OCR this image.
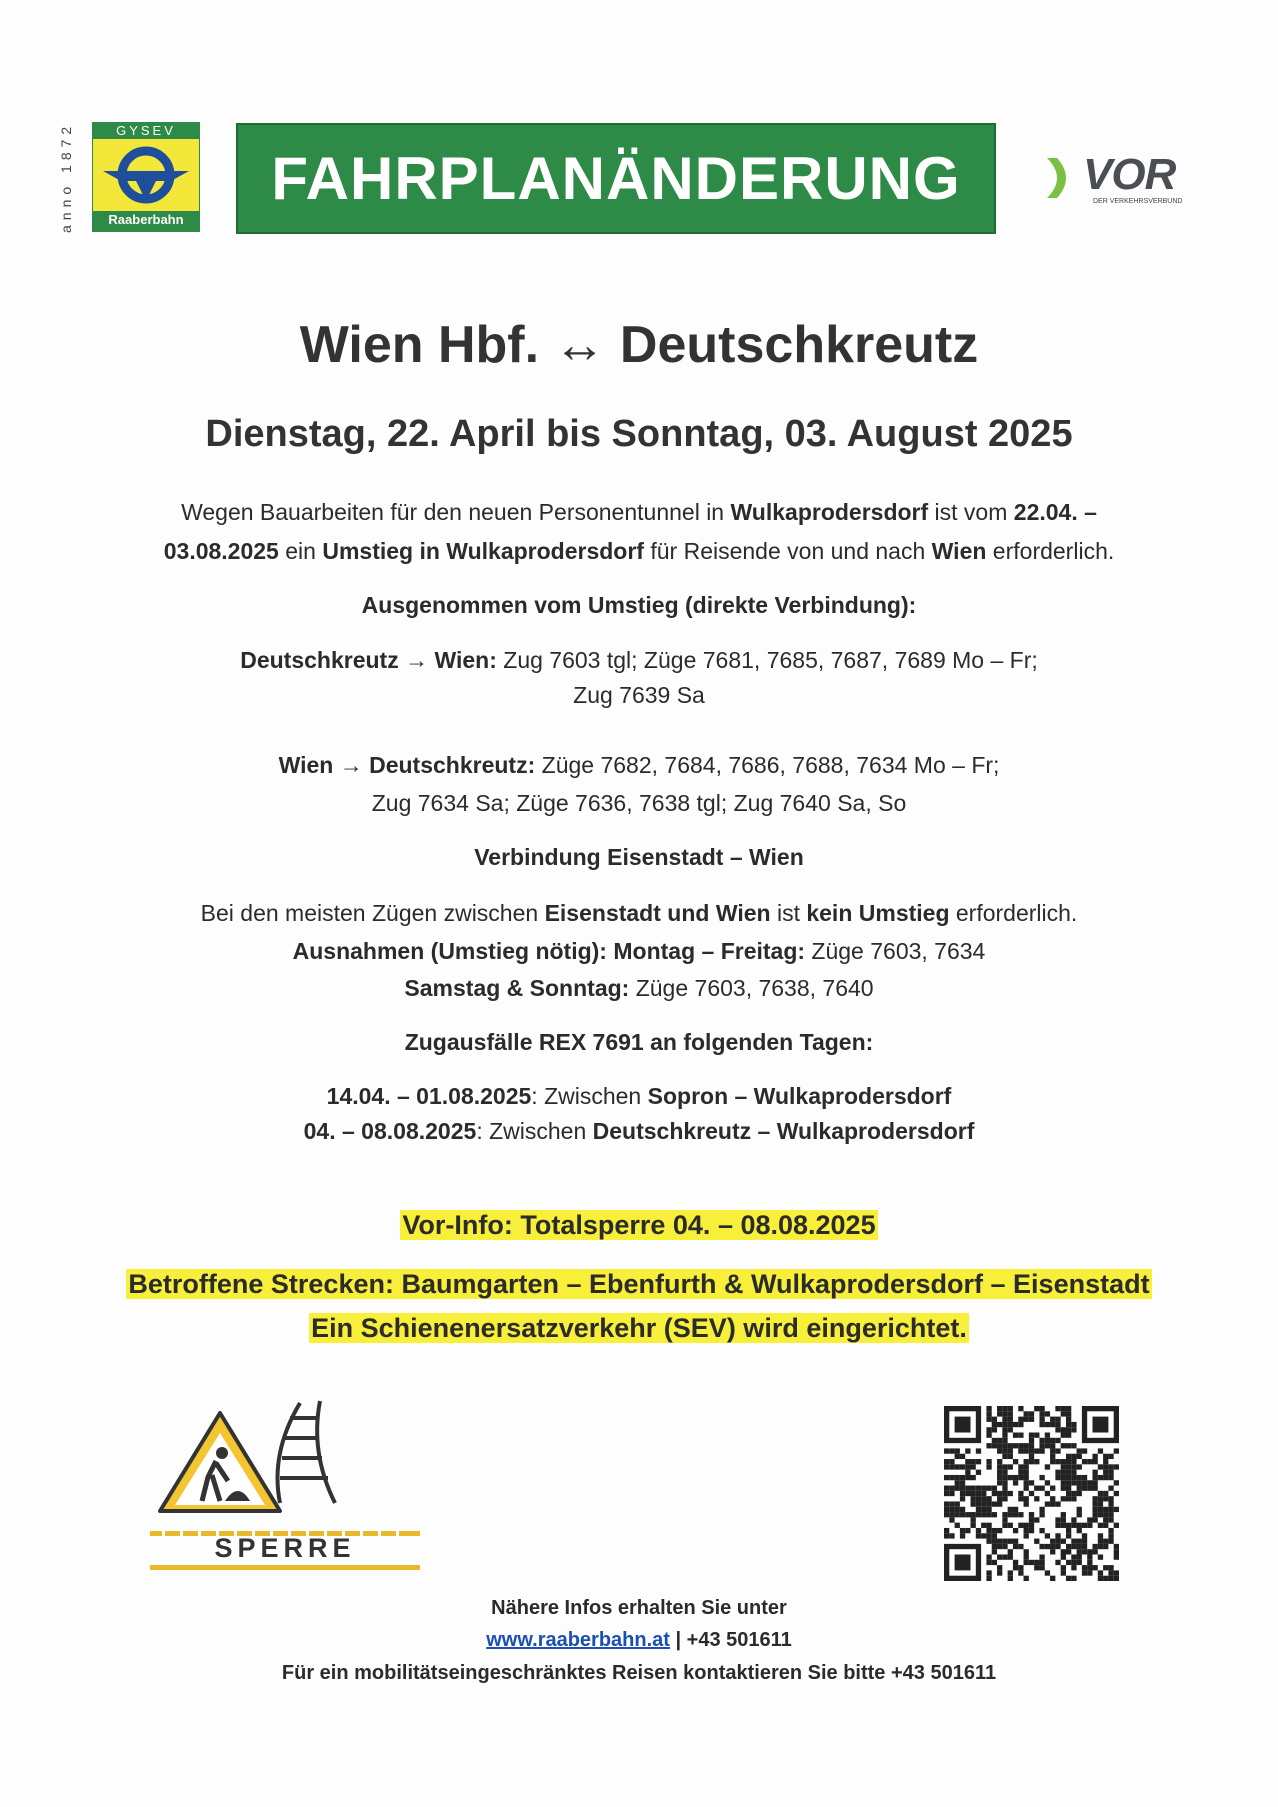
anno 1872	GYSEV
Raaberbahn
FAHRPLANÄNDERUNG	VOR
DER VERKEHRSVERBUND
Wien Hbf. ↔ Deutschkreutz
Dienstag, 22. April bis Sonntag, 03. August 2025
Wegen Bauarbeiten für den neuen Personentunnel in Wulkaprodersdorf ist vom 22.04. –
03.08.2025 ein Umstieg in Wulkaprodersdorf für Reisende von und nach Wien erforderlich.
Ausgenommen vom Umstieg (direkte Verbindung):
Deutschkreutz → Wien: Zug 7603 tgl; Züge 7681, 7685, 7687, 7689 Mo – Fr;
Zug 7639 Sa
Wien → Deutschkreutz: Züge 7682, 7684, 7686, 7688, 7634 Mo – Fr;
Zug 7634 Sa; Züge 7636, 7638 tgl; Zug 7640 Sa, So
Verbindung Eisenstadt – Wien
Bei den meisten Zügen zwischen Eisenstadt und Wien ist kein Umstieg erforderlich.
Ausnahmen (Umstieg nötig): Montag – Freitag: Züge 7603, 7634
Samstag & Sonntag: Züge 7603, 7638, 7640
Zugausfälle REX 7691 an folgenden Tagen:
14.04. – 01.08.2025: Zwischen Sopron – Wulkaprodersdorf
04. – 08.08.2025: Zwischen Deutschkreutz – Wulkaprodersdorf
Vor-Info: Totalsperre 04. – 08.08.2025
Betroffene Strecken: Baumgarten – Ebenfurth & Wulkaprodersdorf – Eisenstadt
Ein Schienenersatzverkehr (SEV) wird eingerichtet.
SPERRE
Nähere Infos erhalten Sie unter
www.raaberbahn.at | +43 501611
Für ein mobilitätseingeschränktes Reisen kontaktieren Sie bitte +43 501611
